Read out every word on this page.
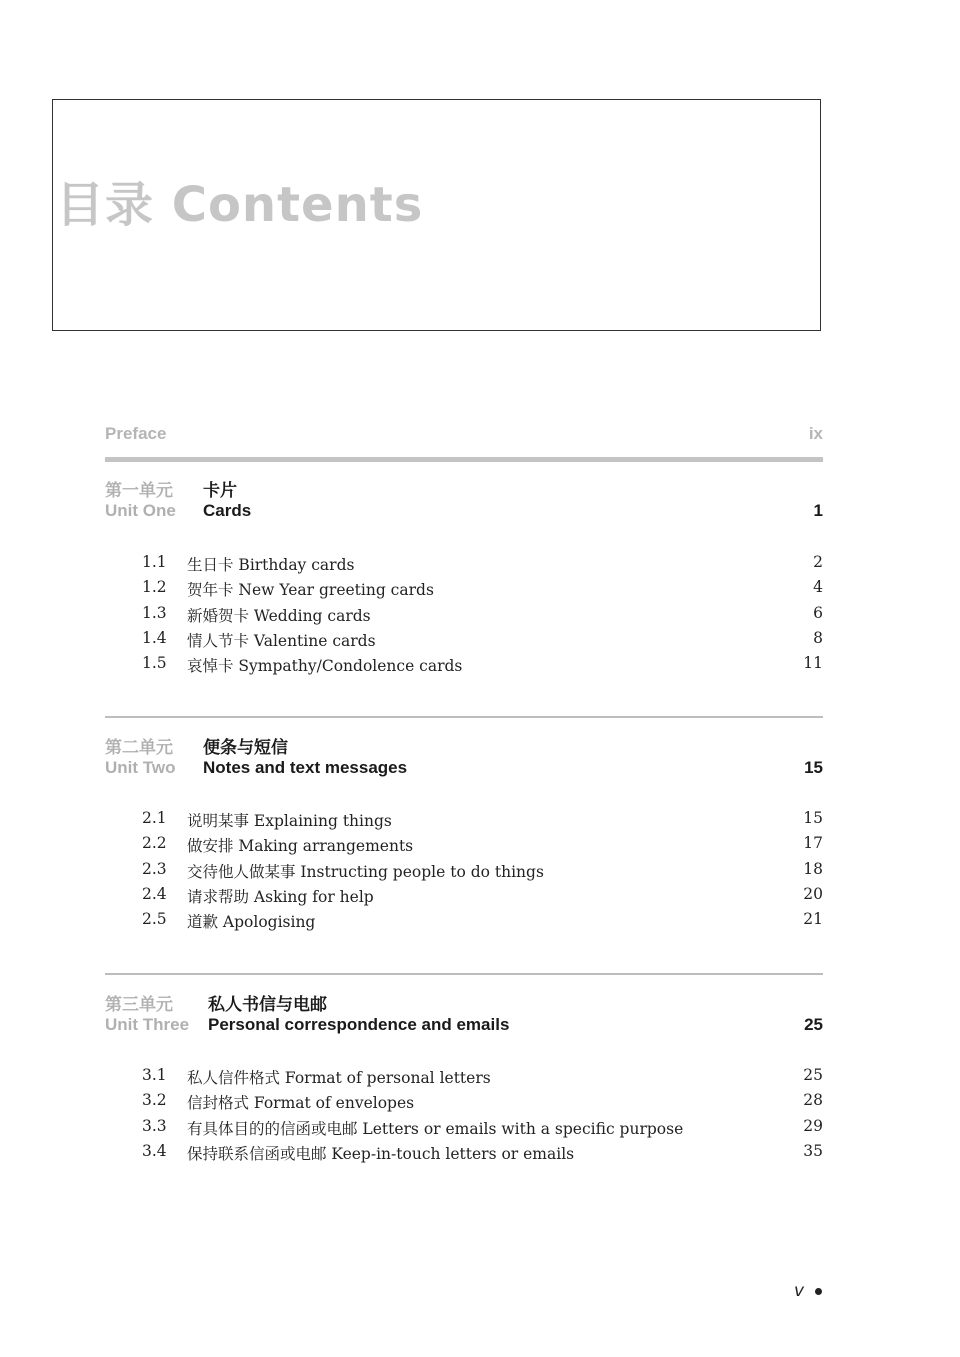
目录 Contents
Preface	ix
第一单元 卡片
Unit One Cards	1
1.1 生日卡 Birthday cards	2
1.2 贺年卡 New Year greeting cards	4
1.3 新婚贺卡 Wedding cards	6
1.4 情人节卡 Valentine cards	8
1.5 哀悼卡 Sympathy/Condolence cards	11
第二单元 便条与短信
Unit Two Notes and text messages	15
2.1 说明某事 Explaining things	15
2.2 做安排 Making arrangements	17
2.3 交待他人做某事 Instructing people to do things	18
2.4 请求帮助 Asking for help	20
2.5 道歉 Apologising	21
第三单元 私人书信与电邮
Unit Three Personal correspondence and emails	25
3.1 私人信件格式 Format of personal letters	25
3.2 信封格式 Format of envelopes	28
3.3 有具体目的的信函或电邮 Letters or emails with a specific purpose	29
3.4 保持联系信函或电邮 Keep-in-touch letters or emails	35
v
